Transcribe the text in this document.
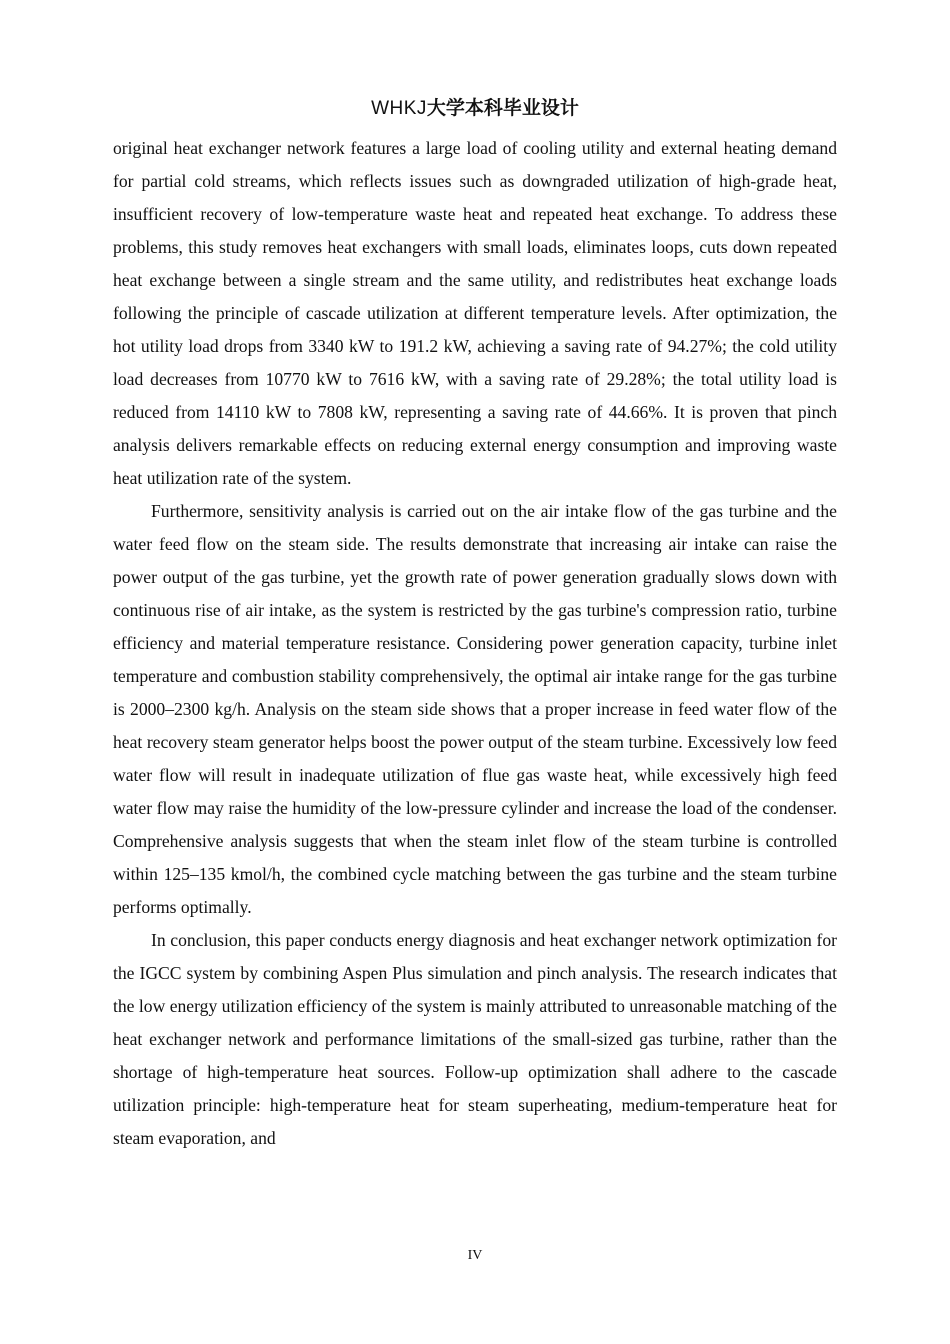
WHKJ大学本科毕业设计

original heat exchanger network features a large load of cooling utility and external heating demand for partial cold streams, which reflects issues such as downgraded utilization of high-grade heat, insufficient recovery of low-temperature waste heat and repeated heat exchange. To address these problems, this study removes heat exchangers with small loads, eliminates loops, cuts down repeated heat exchange between a single stream and the same utility, and redistributes heat exchange loads following the principle of cascade utilization at different temperature levels. After optimization, the hot utility load drops from 3340 kW to 191.2 kW, achieving a saving rate of 94.27%; the cold utility load decreases from 10770 kW to 7616 kW, with a saving rate of 29.28%; the total utility load is reduced from 14110 kW to 7808 kW, representing a saving rate of 44.66%. It is proven that pinch analysis delivers remarkable effects on reducing external energy consumption and improving waste heat utilization rate of the system.

Furthermore, sensitivity analysis is carried out on the air intake flow of the gas turbine and the water feed flow on the steam side. The results demonstrate that increasing air intake can raise the power output of the gas turbine, yet the growth rate of power generation gradually slows down with continuous rise of air intake, as the system is restricted by the gas turbine's compression ratio, turbine efficiency and material temperature resistance. Considering power generation capacity, turbine inlet temperature and combustion stability comprehensively, the optimal air intake range for the gas turbine is 2000–2300 kg/h. Analysis on the steam side shows that a proper increase in feed water flow of the heat recovery steam generator helps boost the power output of the steam turbine. Excessively low feed water flow will result in inadequate utilization of flue gas waste heat, while excessively high feed water flow may raise the humidity of the low-pressure cylinder and increase the load of the condenser. Comprehensive analysis suggests that when the steam inlet flow of the steam turbine is controlled within 125–135 kmol/h, the combined cycle matching between the gas turbine and the steam turbine performs optimally.

In conclusion, this paper conducts energy diagnosis and heat exchanger network optimization for the IGCC system by combining Aspen Plus simulation and pinch analysis. The research indicates that the low energy utilization efficiency of the system is mainly attributed to unreasonable matching of the heat exchanger network and performance limitations of the small-sized gas turbine, rather than the shortage of high-temperature heat sources. Follow-up optimization shall adhere to the cascade utilization principle: high-temperature heat for steam superheating, medium-temperature heat for steam evaporation, and

IV
